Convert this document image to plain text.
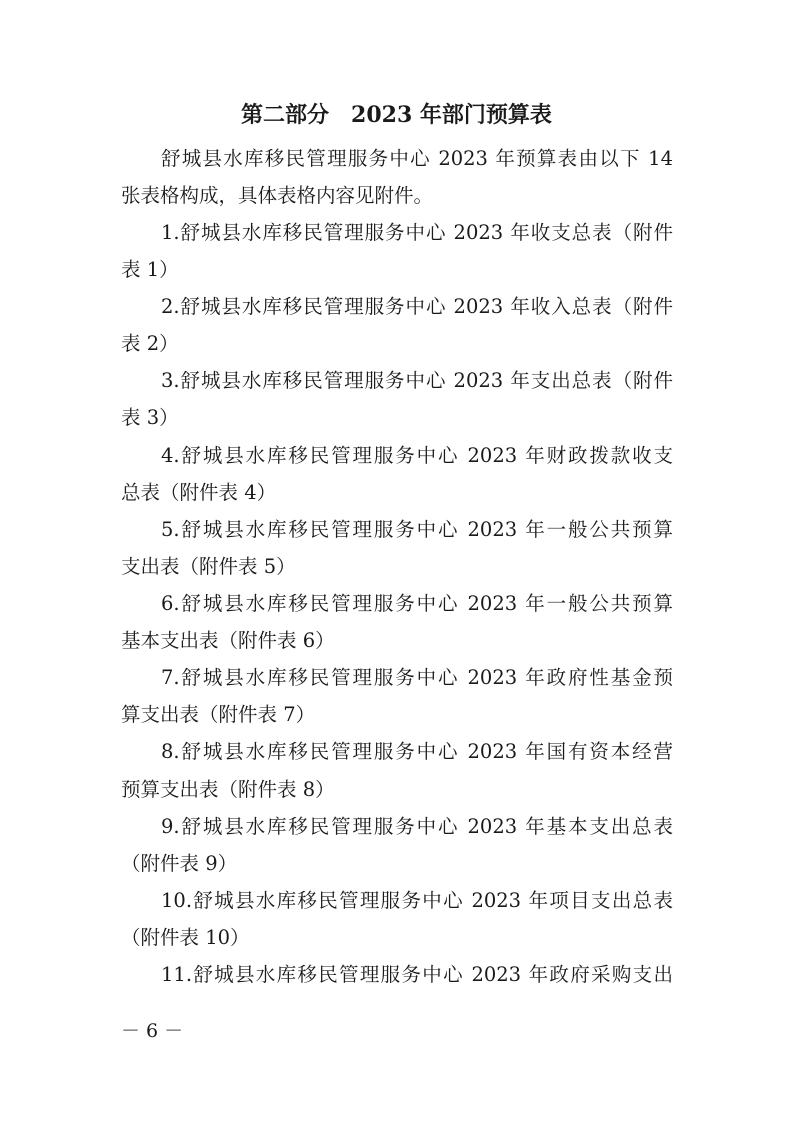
第二部分　2023 年部门预算表
舒城县水库移民管理服务中心 2023 年预算表由以下 14
张表格构成，具体表格内容见附件。
1.舒城县水库移民管理服务中心 2023 年收支总表（附件
表 1）
2.舒城县水库移民管理服务中心 2023 年收入总表（附件
表 2）
3.舒城县水库移民管理服务中心 2023 年支出总表（附件
表 3）
4.舒城县水库移民管理服务中心 2023 年财政拨款收支
总表（附件表 4）
5.舒城县水库移民管理服务中心 2023 年一般公共预算
支出表（附件表 5）
6.舒城县水库移民管理服务中心 2023 年一般公共预算
基本支出表（附件表 6）
7.舒城县水库移民管理服务中心 2023 年政府性基金预
算支出表（附件表 7）
8.舒城县水库移民管理服务中心 2023 年国有资本经营
预算支出表（附件表 8）
9.舒城县水库移民管理服务中心 2023 年基本支出总表
（附件表 9）
10.舒城县水库移民管理服务中心 2023 年项目支出总表
（附件表 10）
11.舒城县水库移民管理服务中心 2023 年政府采购支出
－ 6 －
